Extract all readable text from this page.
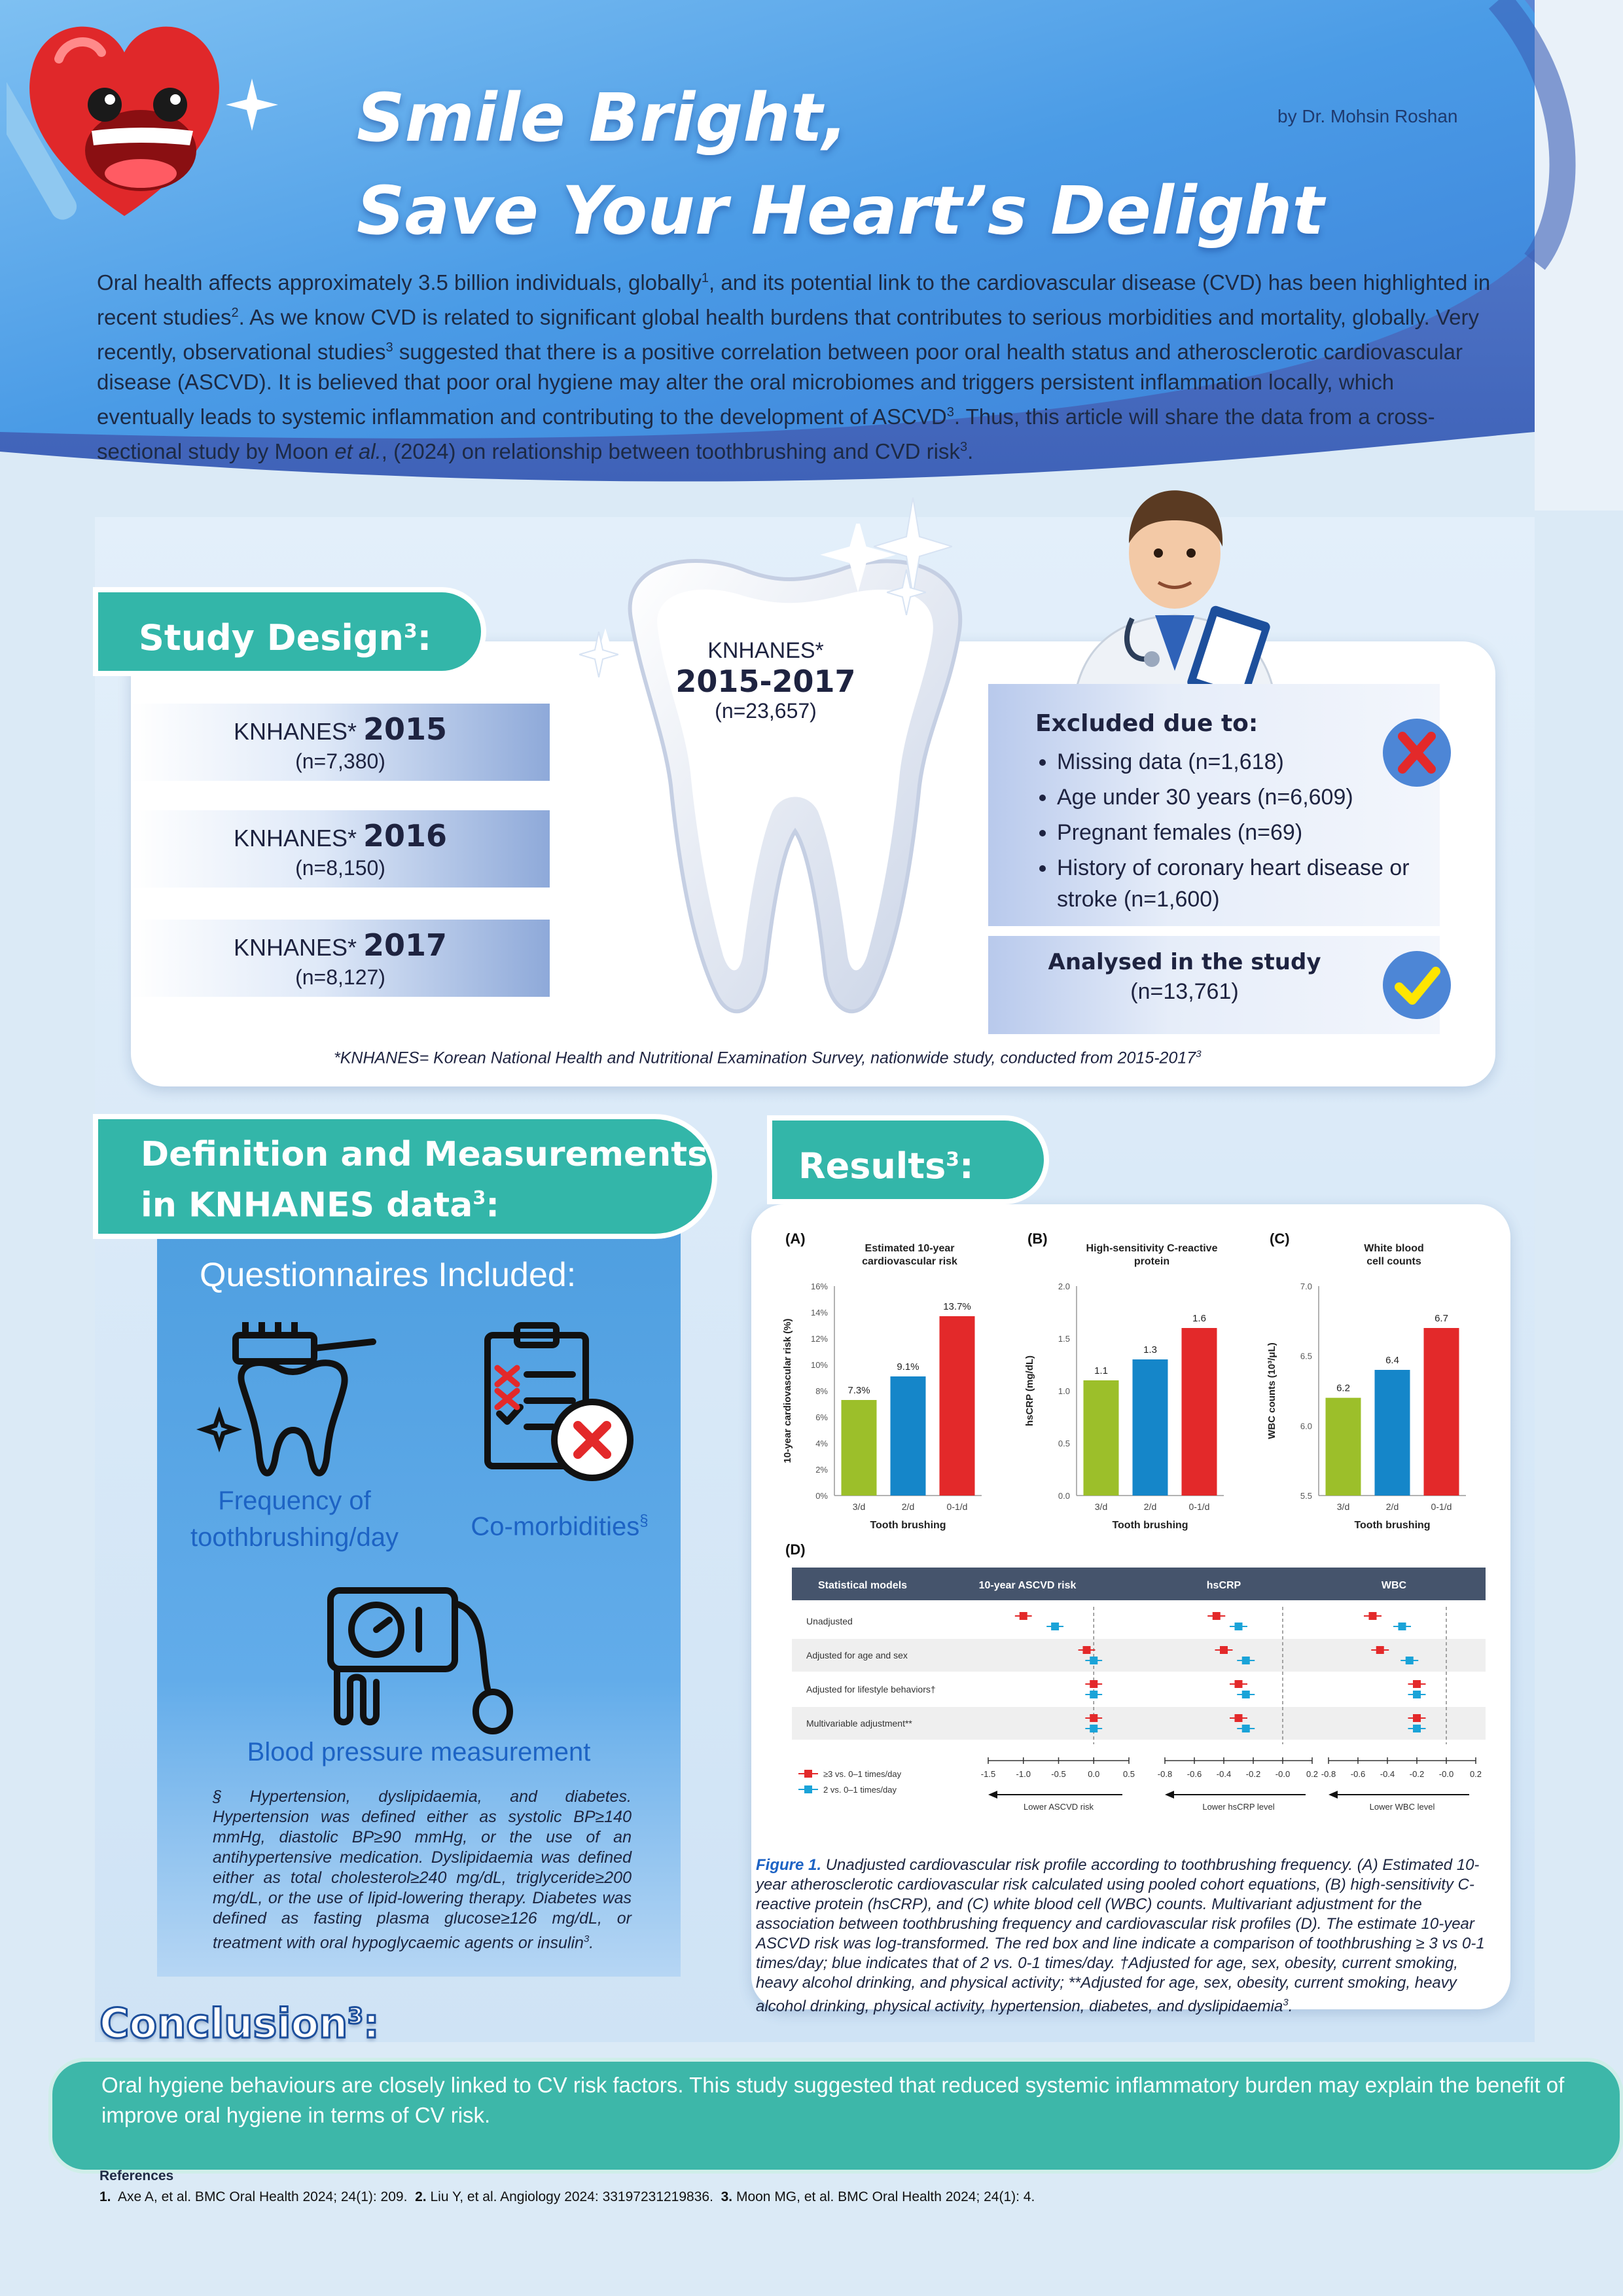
Smile Bright,
Save Your Heart’s Delight
by Dr. Mohsin Roshan
Oral health affects approximately 3.5 billion individuals, globally$^1$, and its potential link to the cardiovascular disease (CVD) has been highlighted in recent studies$^2$. As we know CVD is related to significant global health burdens that contributes to serious morbidities and mortality, globally. Very recently, observational studies$^3$ suggested that there is a positive correlation between poor oral health status and atherosclerotic cardiovascular disease (ASCVD). It is believed that poor oral hygiene may alter the oral microbiomes and triggers persistent inflammation locally, which eventually leads to systemic inflammation and contributing to the development of ASCVD$^3$. Thus, this article will share the data from a cross-sectional study by Moon et al., (2024) on relationship between toothbrushing and CVD risk$^3$.
Study Design$^3$:
KNHANES* 2015
(n=7,380)
KNHANES* 2016
(n=8,150)
KNHANES* 2017
(n=8,127)
KNHANES*
2015-2017
(n=23,657)	Excluded due to:
• Missing data (n=1,618)
• Age under 30 years (n=6,609)
• Pregnant females (n=69)
• History of coronary heart disease or stroke (n=1,600)
Analysed in the study
(n=13,761)
*KNHANES= Korean National Health and Nutritional Examination Survey, nationwide study, conducted from 2015-2017$^3$
Definition and Measurements
in KNHANES data$^3$:
Questionnaires Included:
Frequency of
toothbrushing/day	Co-morbidities§
Blood pressure measurement
§ Hypertension, dyslipidaemia, and diabetes. Hypertension was defined either as systolic BP≥140 mmHg, diastolic BP≥90 mmHg, or the use of an antihypertensive medication. Dyslipidaemia was defined either as total cholesterol≥240 mg/dL, triglyceride≥200 mg/dL, or the use of lipid-lowering therapy. Diabetes was defined as fasting plasma glucose≥126 mg/dL, or treatment with oral hypoglycaemic agents or insulin$^3$.
Results$^3$:
(A)
Estimated 10-year
cardiovascular risk
0%
2%
4%
6%
8%
10%
12%
14%
16%
10-year cardiovascular risk (%)	7.3%
3/d
9.1%
2/d
13.7%
0-1/d
Tooth brushing
(B)
High-sensitivity C-reactive
protein
0.0
0.5
1.0
1.5
2.0
hsCRP (mg/dL)	1.1
3/d
1.3
2/d
1.6
0-1/d
Tooth brushing
(C)
White blood
cell counts
5.5
6.0
6.5
7.0
WBC counts (10³/μL)	6.2
3/d
6.4
2/d
6.7
0-1/d
Tooth brushing
(D)
Statistical models	10-year ASCVD risk	hsCRP	WBC
Unadjusted
Adjusted for age and sex
Adjusted for lifestyle behaviors†
Multivariable adjustment**
-1.5 -1.0 -0.5	0.0	0.5
Lower ASCVD risk
-0.8 -0.6 -0.4 -0.2 -0.0 0.2
Lower hsCRP level
-0.8 -0.6 -0.4 -0.2 -0.0 0.2
Lower WBC level
≥3 vs. 0–1 times/day
2 vs. 0–1 times/day
Figure 1. Unadjusted cardiovascular risk profile according to toothbrushing frequency. (A) Estimated 10-year atherosclerotic cardiovascular risk calculated using pooled cohort equations, (B) high-sensitivity C-reactive protein (hsCRP), and (C) white blood cell (WBC) counts. Multivariant adjustment for the association between toothbrushing frequency and cardiovascular risk profiles (D). The estimate 10-year ASCVD risk was log-transformed. The red box and line indicate a comparison of toothbrushing ≥ 3 vs 0-1 times/day; blue indicates that of 2 vs. 0-1 times/day. †Adjusted for age, sex, obesity, current smoking, heavy alcohol drinking, and physical activity; **Adjusted for age, sex, obesity, current smoking, heavy alcohol drinking, physical activity, hypertension, diabetes, and dyslipidaemia$^3$.
Conclusion$^3$:
Oral hygiene behaviours are closely linked to CV risk factors. This study suggested that reduced systemic inflammatory burden may explain the benefit of improve oral hygiene in terms of CV risk.
References
1. Axe A, et al. BMC Oral Health 2024; 24(1): 209. 2. Liu Y, et al. Angiology 2024: 33197231219836. 3. Moon MG, et al. BMC Oral Health 2024; 24(1): 4.
